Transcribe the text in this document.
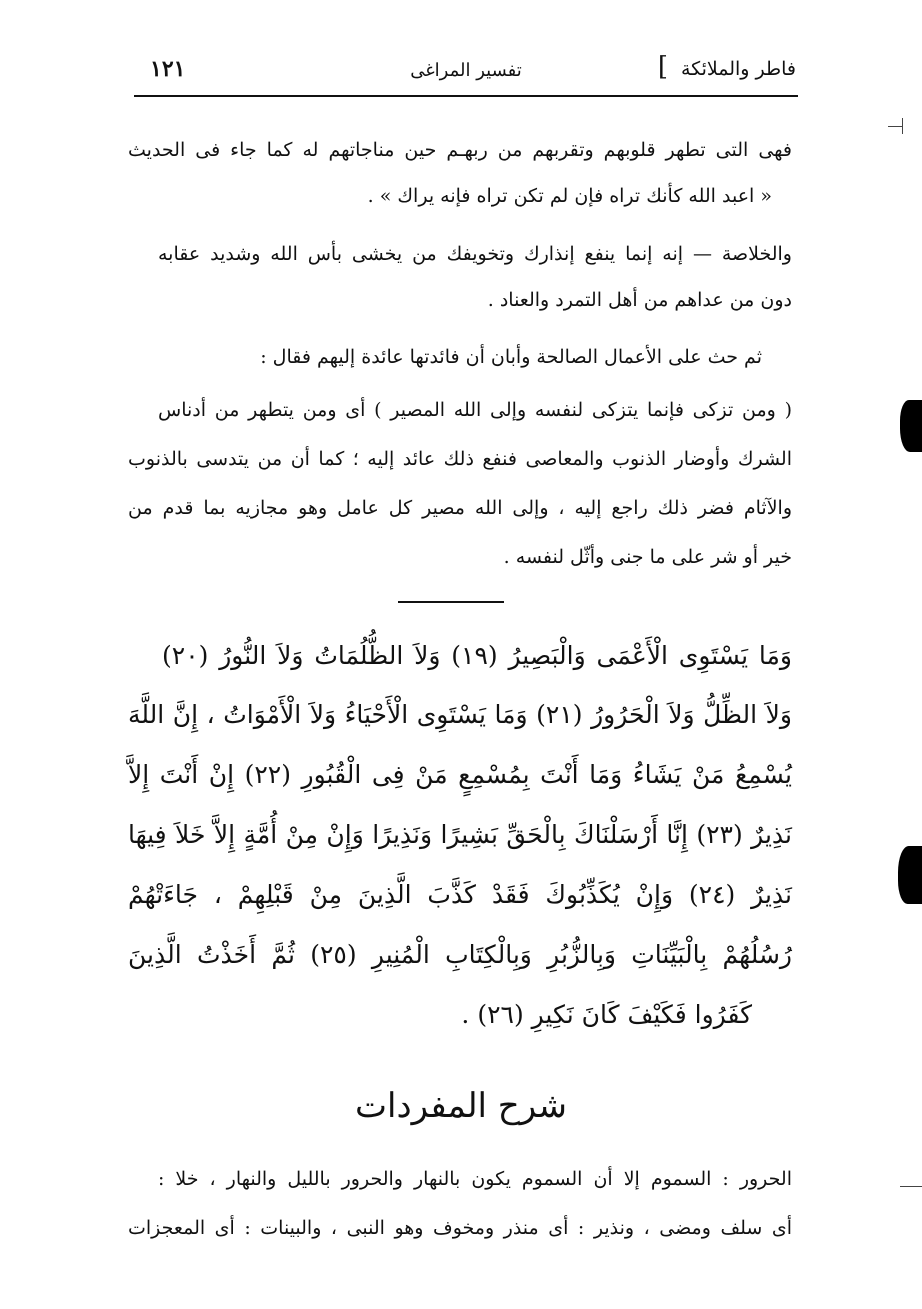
فاطر والملائكة
]
تفسير المراغى
١٢١
فهى التى تطهر قلوبهم وتقربهم من ربهـم حين مناجاتهم له كما جاء فى الحديث
« اعبد الله كأنك تراه فإن لم تكن تراه فإنه يراك » .
والخلاصة — إنه إنما ينفع إنذارك وتخويفك من يخشى بأس الله وشديد عقابه
دون من عداهم من أهل التمرد والعناد .
ثم حث على الأعمال الصالحة وأبان أن فائدتها عائدة إليهم فقال :
( ومن تزكى فإنما يتزكى لنفسه وإلى الله المصير ) أى ومن يتطهر من أدناس
الشرك وأوضار الذنوب والمعاصى فنفع ذلك عائد إليه ؛ كما أن من يتدسى بالذنوب
والآثام فضر ذلك راجع إليه ، وإلى الله مصير كل عامل وهو مجازيه بما قدم من
خير أو شر على ما جنى وأثّل لنفسه .
وَمَا يَسْتَوِى الْأَعْمَى وَالْبَصِيرُ (١٩) وَلاَ الظُّلُمَاتُ وَلاَ النُّورُ (٢٠)
وَلاَ الظِّلُّ وَلاَ الْحَرُورُ (٢١) وَمَا يَسْتَوِى الْأَحْيَاءُ وَلاَ الْأَمْوَاتُ ، إِنَّ اللَّهَ
يُسْمِعُ مَنْ يَشَاءُ وَمَا أَنْتَ بِمُسْمِعٍ مَنْ فِى الْقُبُورِ (٢٢) إِنْ أَنْتَ إِلاَّ
نَذِيرٌ (٢٣) إِنَّا أَرْسَلْنَاكَ بِالْحَقِّ بَشِيرًا وَنَذِيرًا وَإِنْ مِنْ أُمَّةٍ إِلاَّ خَلاَ فِيهَا
نَذِيرٌ (٢٤) وَإِنْ يُكَذِّبُوكَ فَقَدْ كَذَّبَ الَّذِينَ مِنْ قَبْلِهِمْ ، جَاءَتْهُمْ
رُسُلُهُمْ بِالْبَيِّنَاتِ وَبِالزُّبُرِ وَبِالْكِتَابِ الْمُنِيرِ (٢٥) ثُمَّ أَخَذْتُ الَّذِينَ
كَفَرُوا فَكَيْفَ كَانَ نَكِيرِ (٢٦) .
شرح المفردات
الحرور : السموم إلا أن السموم يكون بالنهار والحرور بالليل والنهار ، خلا :
أى سلف ومضى ، ونذير : أى منذر ومخوف وهو النبى ، والبينات : أى المعجزات
